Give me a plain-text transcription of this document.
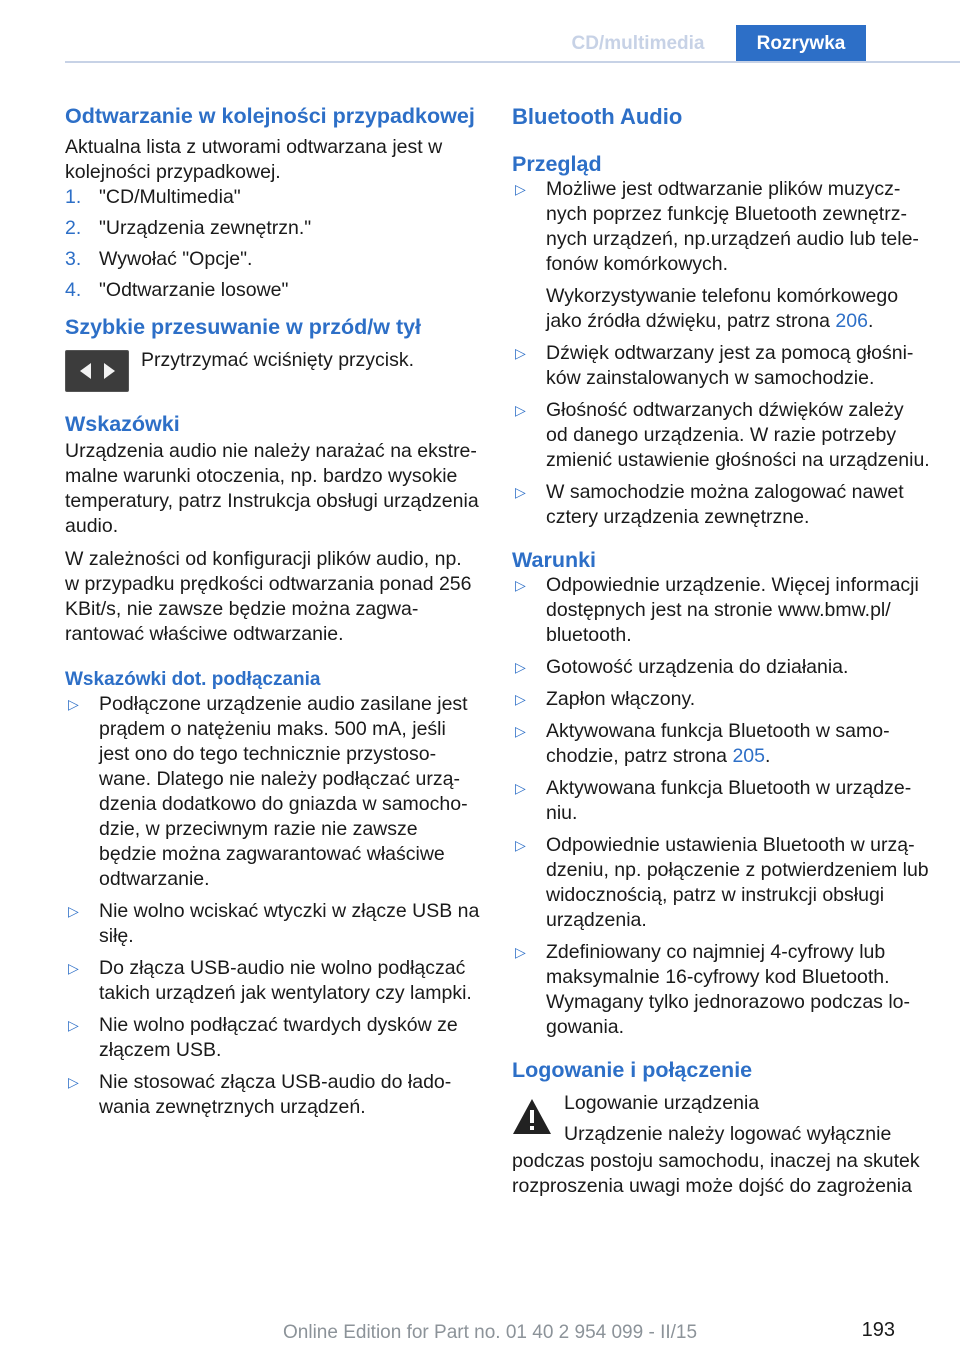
CD/multimedia	Rozrywka
Odtwarzanie w kolejności przypadkowej

Aktualna lista z utworami odtwarzana jest w kolejności przypadkowej.

1. "CD/Multimedia"
2. "Urządzenia zewnętrzn."
3. Wywołać "Opcje".
4. "Odtwarzanie losowe"
Szybkie przesuwanie w przód/w tył
Przytrzymać wciśnięty przycisk.
Wskazówki

Urządzenia audio nie należy narażać na ekstremalne warunki otoczenia, np. bardzo wysokie temperatury, patrz Instrukcja obsługi urządzenia audio.

W zależności od konfiguracji plików audio, np. w przypadku prędkości odtwarzania ponad 256 KBit/s, nie zawsze będzie można zagwarantować właściwe odtwarzanie.

Wskazówki dot. podłączania
▷ Podłączone urządzenie audio zasilane jest prądem o natężeniu maks. 500 mA, jeśli jest ono do tego technicznie przystosowane. Dlatego nie należy podłączać urządzenia dodatkowo do gniazda w samochodzie, w przeciwnym razie nie zawsze będzie można zagwarantować właściwe odtwarzanie.
▷ Nie wolno wciskać wtyczki w złącze USB na siłę.
▷ Do złącza USB-audio nie wolno podłączać takich urządzeń jak wentylatory czy lampki.
▷ Nie wolno podłączać twardych dysków ze złączem USB.
▷ Nie stosować złącza USB-audio do ładowania zewnętrznych urządzeń.
Bluetooth Audio
Przegląd
▷ Możliwe jest odtwarzanie plików muzycznych poprzez funkcję Bluetooth zewnętrznych urządzeń, np.urządzeń audio lub telefonów komórkowych.
Wykorzystywanie telefonu komórkowego jako źródła dźwięku, patrz strona 206.
▷ Dźwięk odtwarzany jest za pomocą głośników zainstalowanych w samochodzie.
▷ Głośność odtwarzanych dźwięków zależy od danego urządzenia. W razie potrzeby zmienić ustawienie głośności na urządzeniu.
▷ W samochodzie można zalogować nawet cztery urządzenia zewnętrzne.
Warunki
▷ Odpowiednie urządzenie. Więcej informacji dostępnych jest na stronie www.bmw.pl/ bluetooth.
▷ Gotowość urządzenia do działania.
▷ Zapłon włączony.
▷ Aktywowana funkcja Bluetooth w samochodzie, patrz strona 205.
▷ Aktywowana funkcja Bluetooth w urządzeniu.
▷ Odpowiednie ustawienia Bluetooth w urządzeniu, np. połączenie z potwierdzeniem lub widocznością, patrz w instrukcji obsługi urządzenia.
▷ Zdefiniowany co najmniej 4-cyfrowy lub maksymalnie 16-cyfrowy kod Bluetooth. Wymagany tylko jednorazowo podczas logowania.
Logowanie i połączenie
Logowanie urządzenia
Urządzenie należy logować wyłącznie

podczas postoju samochodu, inaczej na skutek rozproszenia uwagi może dojść do zagrożenia

193
Online Edition for Part no. 01 40 2 954 099 - II/15
